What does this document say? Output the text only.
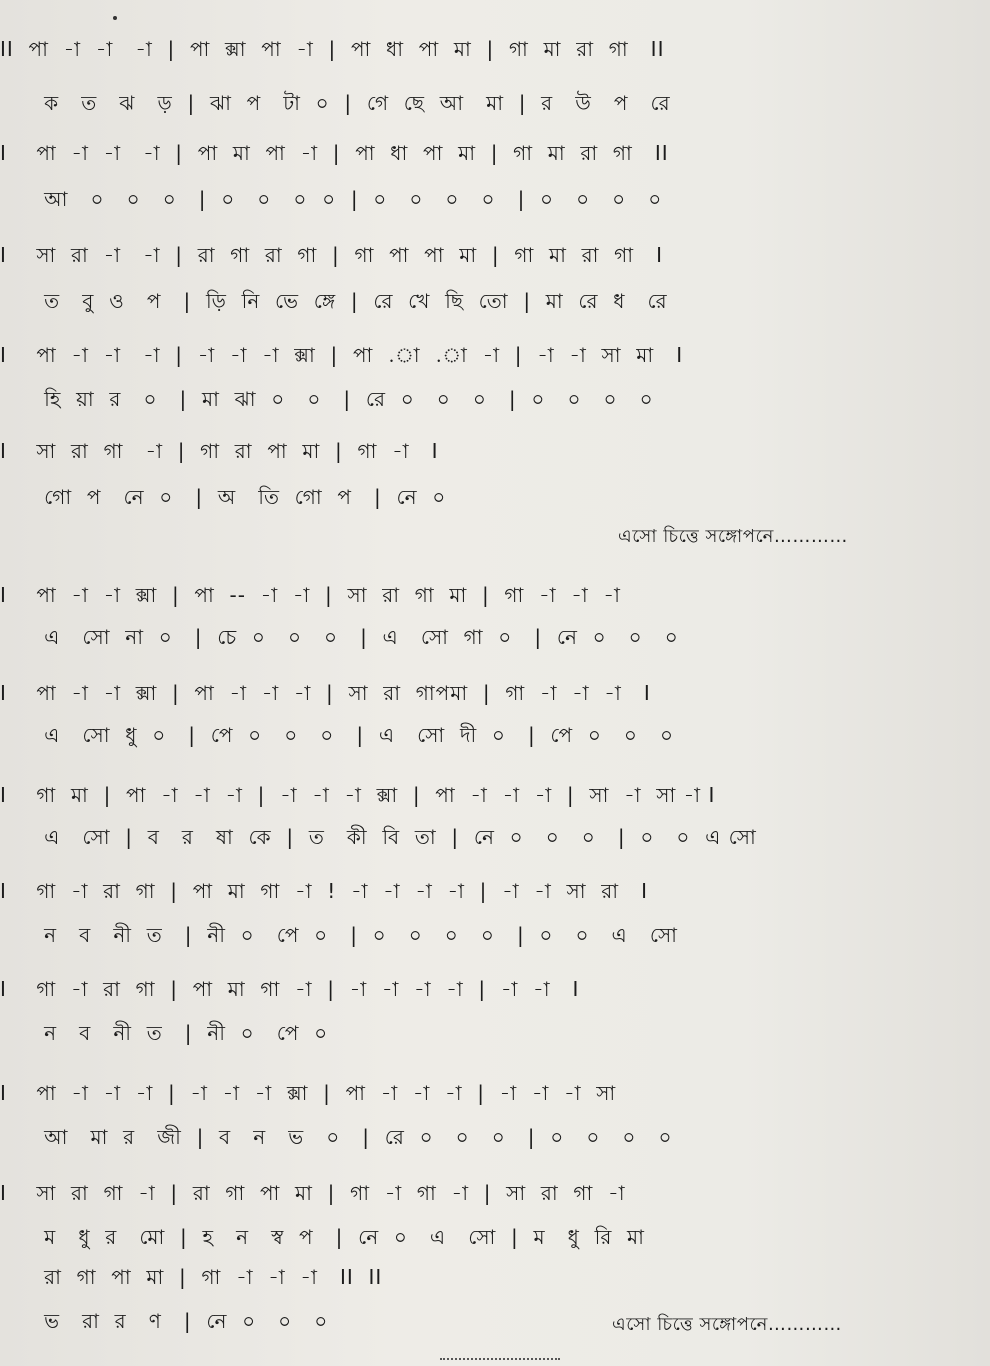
II  পা  -া  -া   -া  |  পা  ক্সা  পা  -া  |  পা  ধা  পা  মা  |  গা  মা  রা  গা   II
ক   ত   ঝ   ড়  |  ঝা  প   টা  ০  |  গে  ছে  আ   মা  |  র   উ   প   রে
I    পা  -া  -া   -া  |  পা  মা  পা  -া  |  পা  ধা  পা  মা  |  গা  মা  রা  গা   II
আ   ০   ০   ০   |  ০   ০   ০  ০  |  ০   ০   ০   ০   |  ০   ০   ০   ০
I    সা  রা  -া   -া  |  রা  গা  রা  গা  |  গা  পা  পা  মা  |  গা  মা  রা  গা   I
ত   বু  ও   প   |  ড়ি  নি  ভে  ঙ্গে  |  রে  খে  ছি  তো  |  মা  রে  ধ   রে
I    পা  -া  -া   -া  |  -া  -া  -া  ক্সা  |  পা  .া  .া  -া  |  -া  -া  সা  মা   I
হি  য়া  র   ০   |  মা  ঝা  ০   ০   |  রে  ০   ০   ০   |  ০   ০   ০   ০
I    সা  রা  গা   -া  |  গা  রা  পা  মা  |  গা  -া   I
গো  প   নে  ০   |  অ   তি  গো  প   |  নে  ০
এসো চিত্তে সঙ্গোপনে…………
I    পা  -া  -া  ক্সা  |  পা  --  -া  -া  |  সা  রা  গা  মা  |  গা  -া  -া  -া
এ   সো  না  ০   |  চে  ০   ০   ০   |  এ   সো  গা  ০   |  নে  ০   ০   ০
I    পা  -া  -া  ক্সা  |  পা  -া  -া  -া  |  সা  রা  গাপমা  |  গা  -া  -া  -া   I
এ   সো  ধু  ০   |  পে  ০   ০   ০   |  এ   সো  দী  ০   |  পে  ০   ০   ০
I    গা  মা  |  পা  -া  -া  -া  |  -া  -া  -া  ক্সা  |  পা  -া  -া  -া  |  সা  -া  সা -া I
এ   সো  |  ব   র   ষা  কে  |  ত   কী  বি  তা  |  নে  ০   ০   ০   |  ০   ০  এ সো
I    গা  -া  রা  গা  |  পা  মা  গা  -া  !  -া  -া  -া  -া  |  -া  -া  সা  রা   I
ন   ব   নী  ত   |  নী  ০   পে  ০   |  ০   ০   ০   ০   |  ০   ০   এ   সো
I    গা  -া  রা  গা  |  পা  মা  গা  -া  |  -া  -া  -া  -া  |  -া  -া   I
ন   ব   নী  ত   |  নী  ০   পে  ০
I    পা  -া  -া  -া  |  -া  -া  -া  ক্সা  |  পা  -া  -া  -া  |  -া  -া  -া  সা
আ   মা  র   জী  |  ব   ন   ভ   ০   |  রে  ০   ০   ০   |  ০   ০   ০   ০
I    সা  রা  গা  -া  |  রা  গা  পা  মা  |  গা  -া  গা  -া  |  সা  রা  গা  -া
ম   ধু  র   মো  |  হ   ন   স্ব  প   |  নে  ০   এ   সো  |  ম   ধু  রি  মা
রা  গা  পা  মা  |  গা  -া  -া  -া   II  II
ভ   রা  র   ণ   |  নে  ০   ০   ০	এসো চিত্তে সঙ্গোপনে…………
